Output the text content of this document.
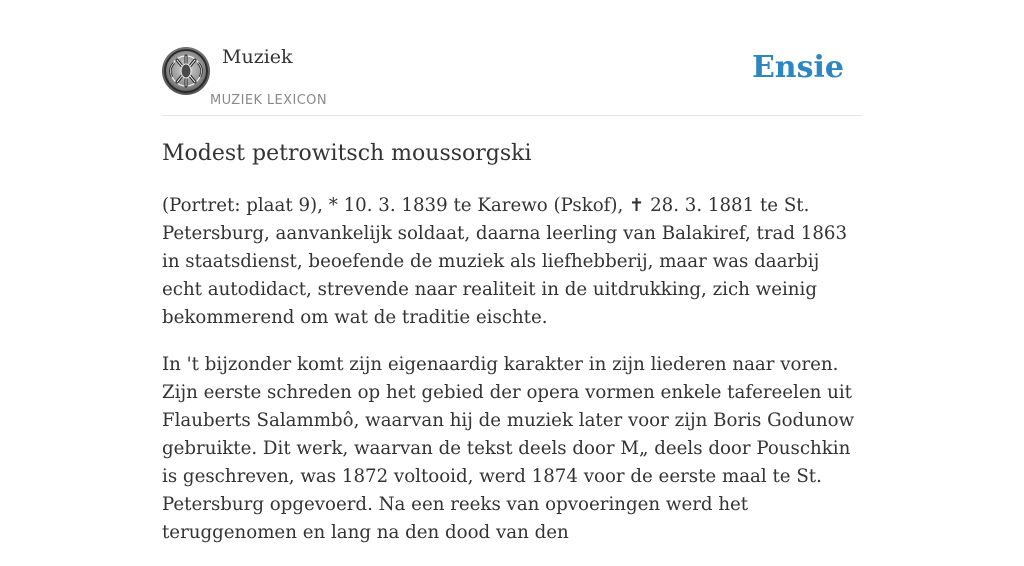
Muziek
MUZIEK LEXICON
Ensie
Modest petrowitsch moussorgski

(Portret: plaat 9), * 10. 3. 1839 te Karewo (Pskof), ✝ 28. 3. 1881 te St. Petersburg, aanvankelijk soldaat, daarna leerling van Balakiref, trad 1863 in staatsdienst, beoefende de muziek als liefhebberij, maar was daarbij echt autodidact, strevende naar realiteit in de uitdrukking, zich weinig bekommerend om wat de traditie eischte.

In 't bijzonder komt zijn eigenaardig karakter in zijn liederen naar voren. Zijn eerste schreden op het gebied der opera vormen enkele tafereelen uit Flauberts Salammbô, waarvan hij de muziek later voor zijn Boris Godunow gebruikte. Dit werk, waarvan de tekst deels door M„ deels door Pouschkin is geschreven, was 1872 voltooid, werd 1874 voor de eerste maal te St. Petersburg opgevoerd. Na een reeks van opvoeringen werd het teruggenomen en lang na den dood van den
